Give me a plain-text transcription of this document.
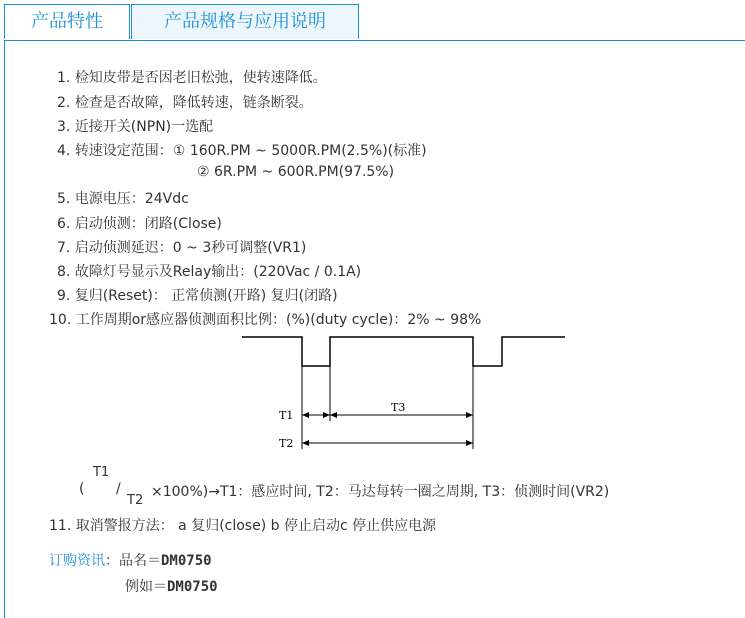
产品特性	产品规格与应用说明
1. 检知皮带是否因老旧松弛，使转速降低。
2. 检查是否故障，降低转速，链条断裂。
3. 近接开关(NPN)一选配
4. 转速设定范围：① 160R.PM ~ 5000R.PM(2.5%)(标准)
② 6R.PM ~ 600R.PM(97.5%)
5. 电源电压：24Vdc
6. 启动侦测：闭路(Close)
7. 启动侦测延迟：0 ~ 3秒可调整(VR1)
8. 故障灯号显示及Relay输出：(220Vac / 0.1A)
9. 复归(Reset)： 正常侦测(开路) 复归(闭路)
10. 工作周期or感应器侦测面积比例：(%)(duty cycle)：2% ~ 98%
T1
T3
T2

(

T1

/

T2

×100%)→T1：感应时间, T2：马达每转一圈之周期, T3：侦测时间(VR2)

11. 取消警报方法： a 复归(close) b 停止启动c 停止供应电源
订购资讯：品名＝DM0750
例如＝DM0750
